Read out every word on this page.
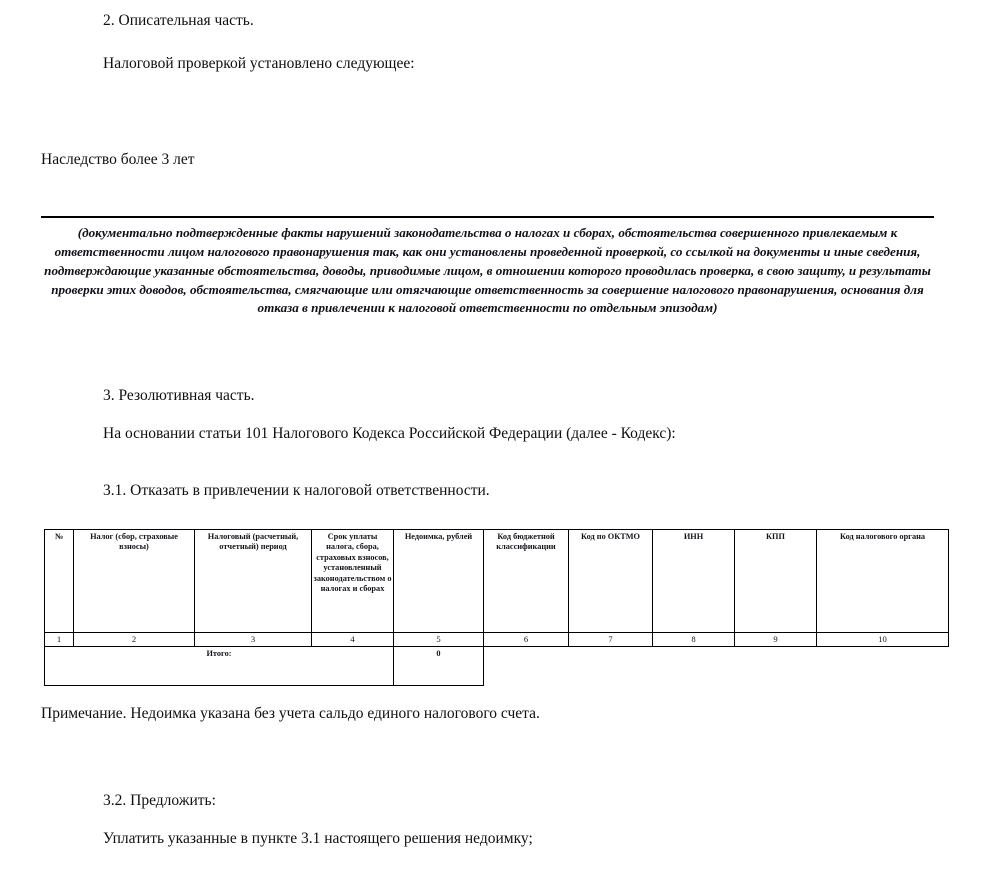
2. Описательная часть.
Налоговой проверкой установлено следующее:
Наследство более 3 лет
(документально подтвержденные факты нарушений законодательства о налогах и сборах, обстоятельства совершенного привлекаемым к ответственности лицом налогового правонарушения так, как они установлены проведенной проверкой, со ссылкой на документы и иные сведения, подтверждающие указанные обстоятельства, доводы, приводимые лицом, в отношении которого проводилась проверка, в свою защиту, и результаты проверки этих доводов, обстоятельства, смягчающие или отягчающие ответственность за совершение налогового правонарушения, основания для отказа в привлечении к налоговой ответственности по отдельным эпизодам)
3. Резолютивная часть.
На основании статьи 101 Налогового Кодекса Российской Федерации (далее - Кодекс):
3.1. Отказать в привлечении к налоговой ответственности.
№	Налог (сбор, страховые взносы)	Налоговый (расчетный, отчетный) период	Срок уплаты налога, сбора, страховых взносов, установленный законодательством о налогах и сборах	Недоимка, рублей	Код бюджетной классификации	Код по ОКТМО	ИНН	КПП	Код налогового органа
1	2	3	4	5	6	7	8	9	10
Итого:				0					
Примечание. Недоимка указана без учета сальдо единого налогового счета.
3.2. Предложить:
Уплатить указанные в пункте 3.1 настоящего решения недоимку;
